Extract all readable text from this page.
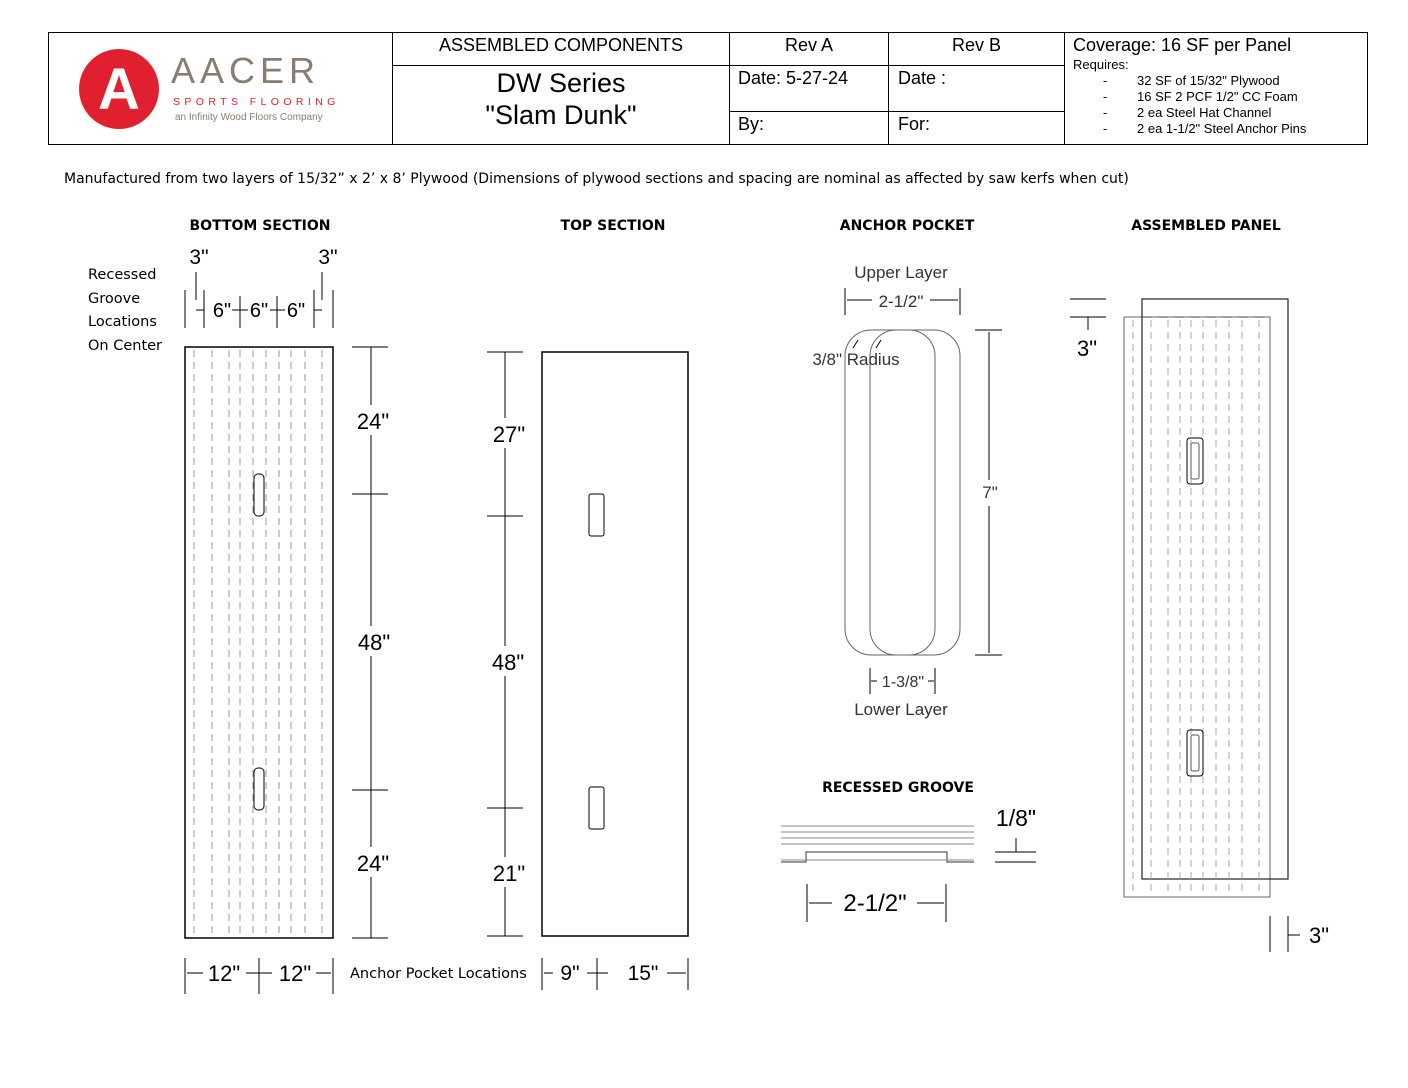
A AACER
SPORTS FLOORING
an Infinity Wood Floors Company
ASSEMBLED COMPONENTS
DW Series
"Slam Dunk"
Rev A	Rev B
Date: 5-27-24	Date :
By:	For:
Coverage: 16 SF per Panel
Requires:
- 32 SF of 15/32" Plywood
- 16 SF 2 PCF 1/2" CC Foam
- 2 ea Steel Hat Channel
- 2 ea 1-1/2" Steel Anchor Pins
Manufactured from two layers of 15/32” x 2’ x 8’ Plywood (Dimensions of plywood sections and spacing are nominal as affected by saw kerfs when cut)
BOTTOM SECTION	TOP SECTION	ANCHOR POCKET	ASSEMBLED PANEL
RECESSED GROOVE
Recessed
Groove
Locations
On Center
Anchor Pocket Locations
3"	3"
6" 6" 6"
24"
48"
24"
12" 12"
27"
48"
21"
9" 15"
Upper Layer
2-1/2"
3/8" Radius
7"
1-3/8"
Lower Layer
1/8"
2-1/2"
3"
3"
